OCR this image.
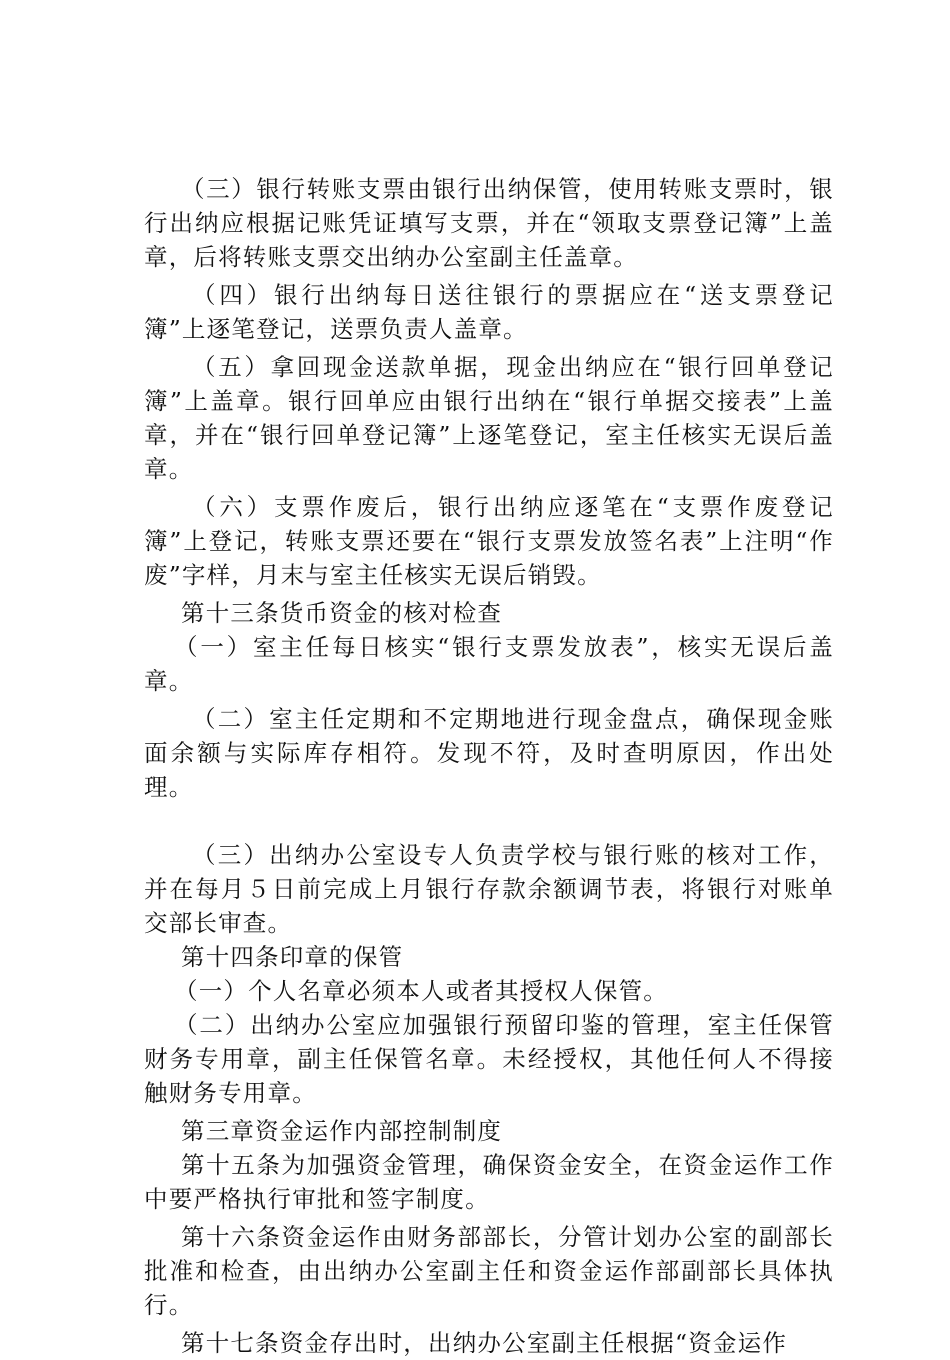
（三）银行转账支票由银行出纳保管，使用转账支票时，银行出纳应根据记账凭证填写支票，并在“领取支票登记簿”上盖章，后将转账支票交出纳办公室副主任盖章。

（四）银行出纳每日送往银行的票据应在“送支票登记簿”上逐笔登记，送票负责人盖章。

（五）拿回现金送款单据，现金出纳应在“银行回单登记簿”上盖章。银行回单应由银行出纳在“银行单据交接表”上盖章，并在“银行回单登记簿”上逐笔登记，室主任核实无误后盖章。

（六）支票作废后，银行出纳应逐笔在“支票作废登记簿”上登记，转账支票还要在“银行支票发放签名表”上注明“作废”字样，月末与室主任核实无误后销毁。

第十三条货币资金的核对检查

（一）室主任每日核实“银行支票发放表”，核实无误后盖章。

（二）室主任定期和不定期地进行现金盘点，确保现金账面余额与实际库存相符。发现不符，及时查明原因，作出处理。

（三）出纳办公室设专人负责学校与银行账的核对工作，并在每月５日前完成上月银行存款余额调节表，将银行对账单交部长审查。

第十四条印章的保管

（一）个人名章必须本人或者其授权人保管。

（二）出纳办公室应加强银行预留印鉴的管理，室主任保管财务专用章，副主任保管名章。未经授权，其他任何人不得接触财务专用章。

第三章资金运作内部控制制度

第十五条为加强资金管理，确保资金安全，在资金运作工作中要严格执行审批和签字制度。

第十六条资金运作由财务部部长，分管计划办公室的副部长批准和检查，由出纳办公室副主任和资金运作部副部长具体执行。

第十七条资金存出时，出纳办公室副主任根据“资金运作
